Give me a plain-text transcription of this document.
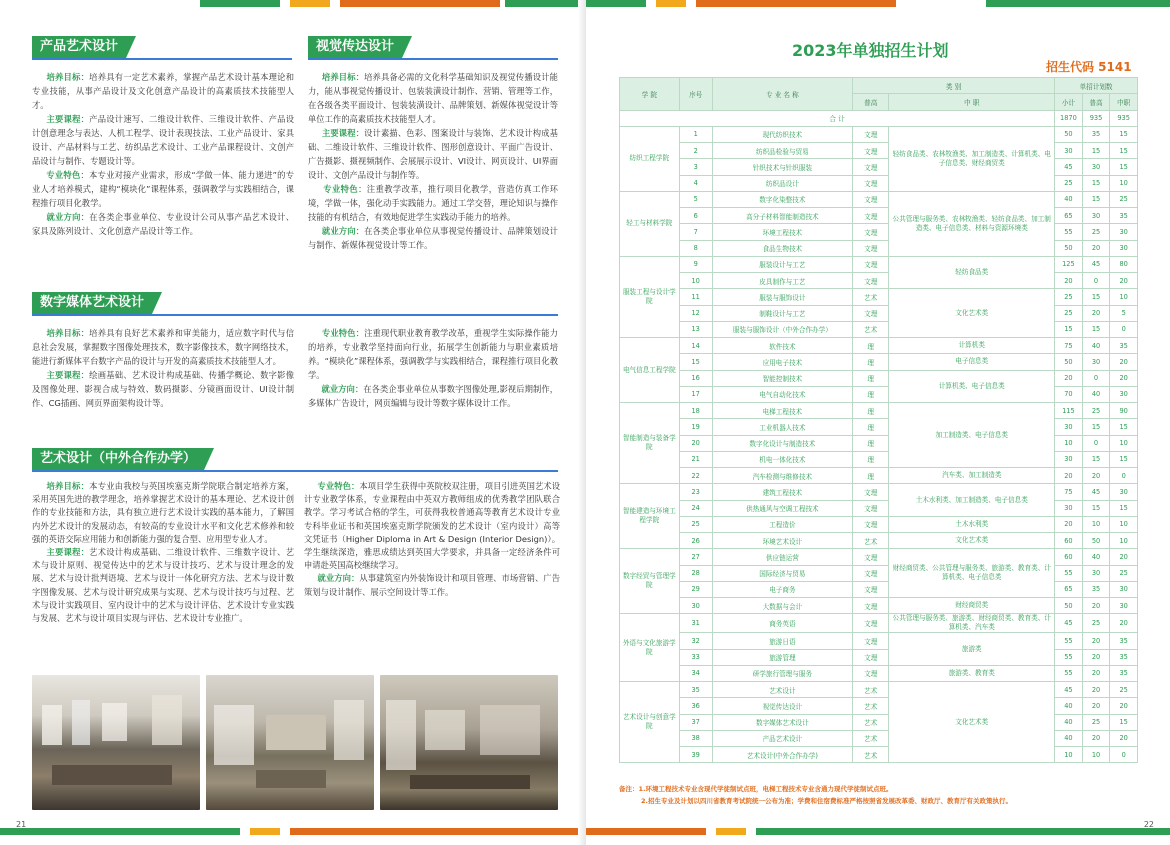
产品艺术设计
培养目标：培养具有一定艺术素养，掌握产品艺术设计基本理论和专业技能，从事产品设计及文化创意产品设计的高素质技术技能型人才。
主要课程：产品设计速写、二维设计软件、三维设计软件、产品设计创意理念与表达、人机工程学、设计表现技法、工业产品设计、家具设计、产品材料与工艺、纺织品艺术设计、工业产品课程设计、文创产品设计与制作、专题设计等。
专业特色：本专业对接产业需求，形成“学做一体、能力递进”的专业人才培养模式，建构“模块化”课程体系，强调教学与实践相结合，课程推行项目化教学。
就业方向：在各类企事业单位、专业设计公司从事产品艺术设计、家具及陈列设计、文化创意产品设计等工作。
视觉传达设计
培养目标：培养具备必需的文化科学基础知识及视觉传播设计能力，能从事视觉传播设计、包装装潢设计制作、营销、管理等工作，在各级各类平面设计、包装装潢设计、品牌策划、新媒体视觉设计等单位工作的高素质技术技能型人才。
主要课程：设计素描、色彩、图案设计与装饰、艺术设计构成基础、二维设计软件、三维设计软件、图形创意设计、平面广告设计、广告摄影、摄视频制作、会展展示设计、VI设计、网页设计、UI界面设计、文创产品设计与制作等。
专业特色：注重教学改革，推行项目化教学，营造仿真工作环境，学做一体，强化动手实践能力。通过工学交替，理论知识与操作技能的有机结合，有效地促进学生实践动手能力的培养。
就业方向：在各类企事业单位从事视觉传播设计、品牌策划设计与制作、新媒体视觉设计等工作。
数字媒体艺术设计
培养目标：培养具有良好艺术素养和审美能力，适应数字时代与信息社会发展，掌握数字图像处理技术，数字影像技术，数字网络技术，能进行新媒体平台数字产品的设计与开发的高素质技术技能型人才。
主要课程：绘画基础、艺术设计构成基础、传播学概论、数字影像及图像处理、影视合成与特效、数码摄影、分镜画面设计、UI设计制作、CG插画、网页界面架构设计等。
专业特色：注重现代职业教育教学改革，重视学生实际操作能力的培养，专业教学坚持面向行业，拓展学生创新能力与职业素质培养。“模块化”课程体系，强调教学与实践相结合，课程推行项目化教学。
就业方向：在各类企事业单位从事数字图像处理,影视后期制作，多媒体广告设计，网页编辑与设计等数字媒体设计工作。
艺术设计（中外合作办学）
培养目标：本专业由我校与英国埃塞克斯学院联合制定培养方案，采用英国先进的教学理念，培养掌握艺术设计的基本理论、艺术设计创作的专业技能和方法，具有独立进行艺术设计实践的基本能力，了解国内外艺术设计的发展动态，有较高的专业设计水平和文化艺术修养和较强的英语交际应用能力和创新能力强的复合型、应用型专业人才。
主要课程：艺术设计构成基础、二维设计软件、三维数字设计、艺术与设计原则、视觉传达中的艺术与设计技巧、艺术与设计理念的发展、艺术与设计批判语境、艺术与设计一体化研究方法、艺术与设计数字图像发展、艺术与设计研究成果与实现、艺术与设计技巧与过程、艺术与设计实践项目、室内设计中的艺术与设计评估、艺术设计专业实践与发展、艺术与设计项目实现与评估、艺术设计专业推广。
专业特色：本项目学生获得中英院校双注册，项目引进英国艺术设计专业教学体系，专业课程由中英双方教师组成的优秀教学团队联合教学。学习考试合格的学生，可获得我校普通高等教育艺术设计专业专科毕业证书和英国埃塞克斯学院颁发的艺术设计（室内设计）高等文凭证书（Higher Diploma in Art & Design (Interior Design)）。学生继续深造，雅思成绩达到英国大学要求，并具备一定经济条件可申请赴英国高校继续学习。
就业方向：从事建筑室内外装饰设计和项目管理、市场营销、广告策划与设计制作、展示空间设计等工作。
21
2023年单独招生计划
招生代码 5141
学 院	序号	专 业 名 称	类 别		单招计划数		
			普高	中 职	小计	普高	中职
合 计					1870	935	935
纺织工程学院	1	现代纺织技术	文理	轻纺食品类、农林牧渔类、加工制造类、计算机类、电子信息类、财经商贸类	50	35	15
	2	纺织品检验与贸易	文理		30	15	15
	3	针织技术与针织服装	文理		45	30	15
	4	纺织品设计	文理		25	15	10
轻工与材料学院	5	数字化染整技术	文理	公共管理与服务类、农林牧渔类、轻纺食品类、加工制造类、电子信息类、材料与资源环境类	40	15	25
	6	高分子材料智能制造技术	文理		65	30	35
	7	环境工程技术	文理		55	25	30
	8	食品生物技术	文理		50	20	30
服装工程与设计学院	9	服装设计与工艺	文理	轻纺食品类	125	45	80
	10	皮具制作与工艺	文理		20	0	20
	11	服装与服饰设计	艺术	文化艺术类	25	15	10
	12	制鞋设计与工艺	文理		25	20	5
	13	服装与服饰设计（中外合作办学）	艺术		15	15	0
电气信息工程学院	14	软件技术	理	计算机类	75	40	35
	15	应用电子技术	理	电子信息类	50	30	20
	16	智能控制技术	理	计算机类、电子信息类	20	0	20
	17	电气自动化技术	理		70	40	30
智能制造与装备学院	18	电梯工程技术	理	加工制造类、电子信息类	115	25	90
	19	工业机器人技术	理		30	15	15
	20	数字化设计与制造技术	理		10	0	10
	21	机电一体化技术	理		30	15	15
	22	汽车检测与维修技术	理	汽车类、加工制造类	20	20	0
智能建造与环境工程学院	23	建筑工程技术	文理	土木水利类、加工制造类、电子信息类	75	45	30
	24	供热通风与空调工程技术	文理		30	15	15
	25	工程造价	文理	土木水利类	20	10	10
	26	环境艺术设计	艺术	文化艺术类	60	50	10
数字经贸与管理学院	27	供应链运营	文理	财经商贸类、公共管理与服务类、旅游类、教育类、计算机类、电子信息类	60	40	20
	28	国际经济与贸易	文理		55	30	25
	29	电子商务	文理		65	35	30
	30	大数据与会计	文理	财经商贸类	50	20	30
外语与文化旅游学院	31	商务英语	文理	公共管理与服务类、旅游类、财经商贸类、教育类、计算机类、汽车类	45	25	20
	32	旅游日语	文理	旅游类	55	20	35
	33	旅游管理	文理		55	20	35
	34	研学旅行管理与服务	文理	旅游类、教育类	55	20	35
艺术设计与创意学院	35	艺术设计	艺术	文化艺术类	45	20	25
	36	视觉传达设计	艺术		40	20	20
	37	数字媒体艺术设计	艺术		40	25	15
	38	产品艺术设计	艺术		40	20	20
	39	艺术设计(中外合作办学)	艺术		10	10	0
备注：1.环境工程技术专业含现代学徒制试点班，电梯工程技术专业含通力现代学徒制试点班。
2.招生专业及计划以四川省教育考试院统一公布为准；学费和住宿费标准严格按照省发展改革委、财政厅、教育厅有关政策执行。
22
